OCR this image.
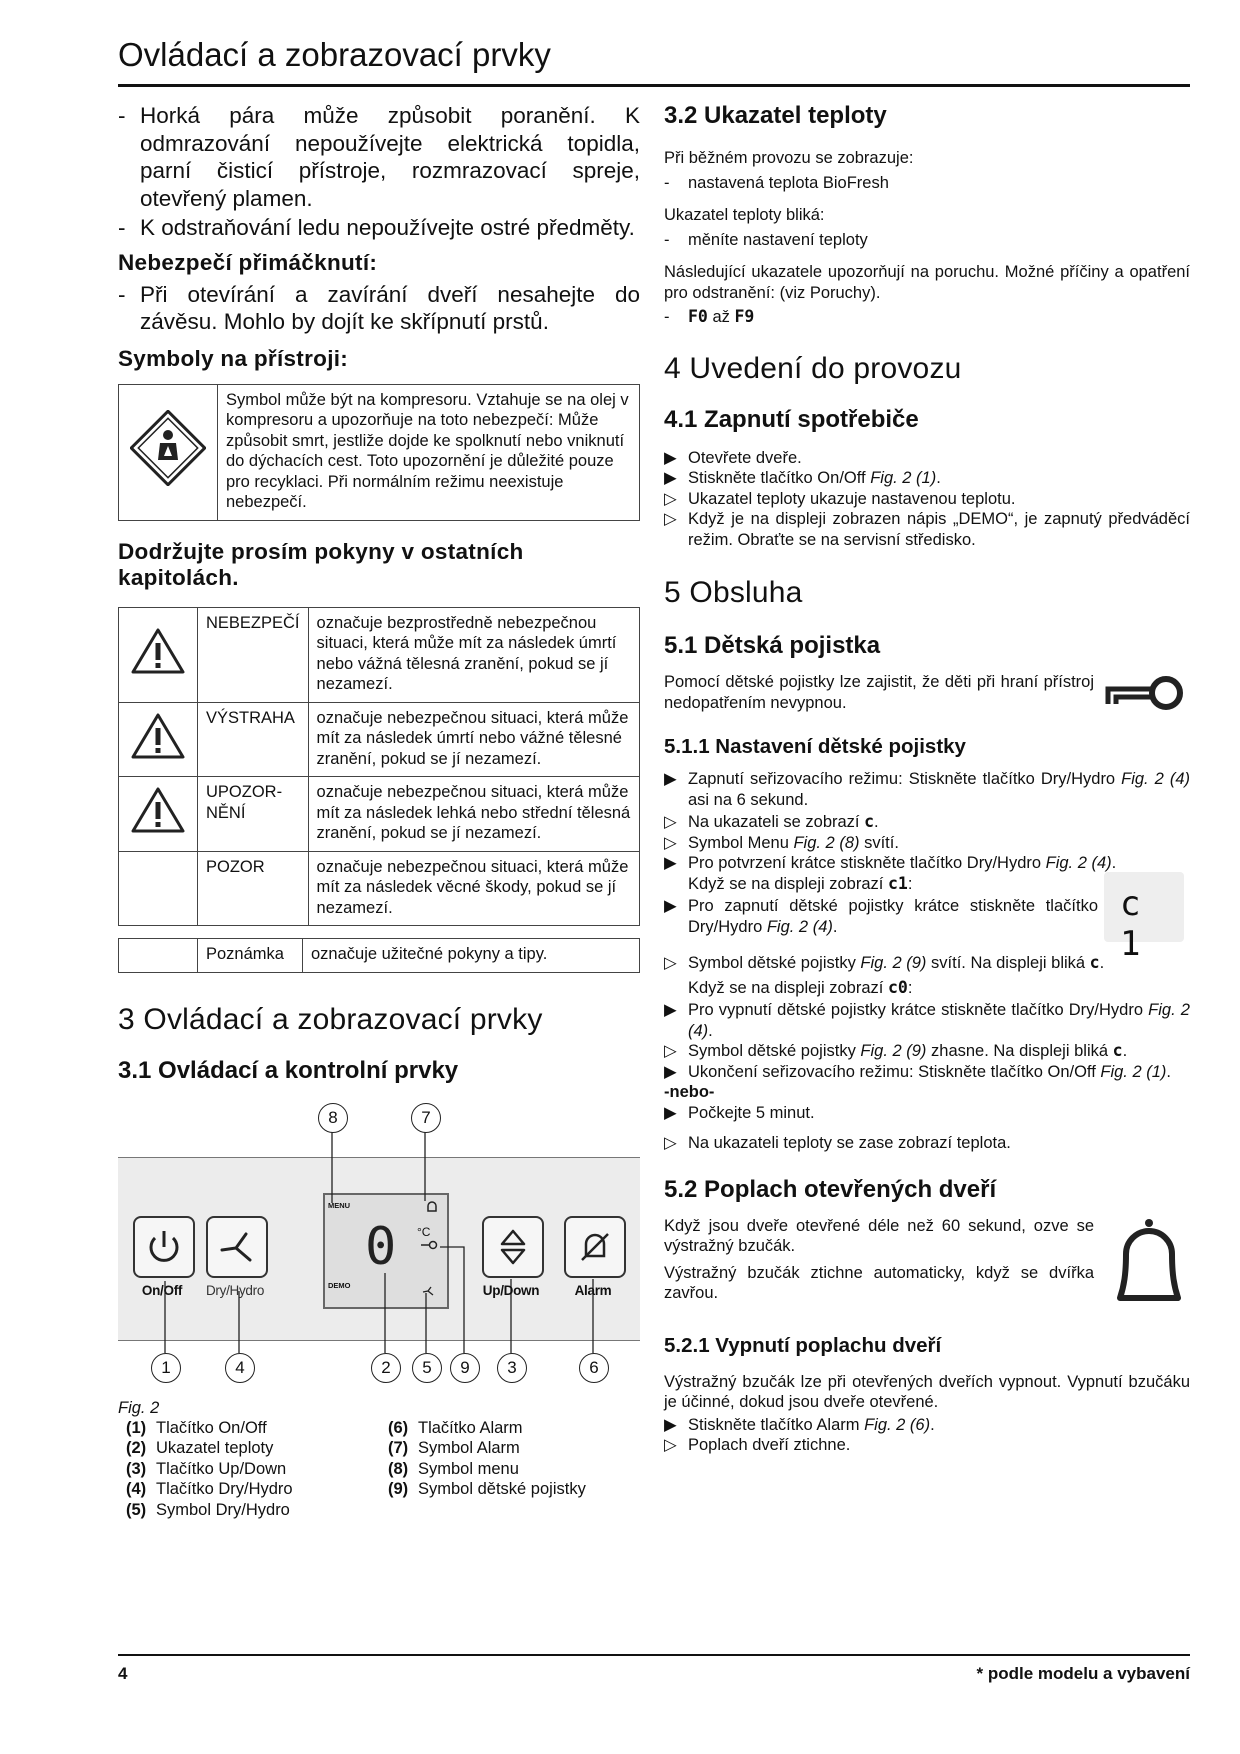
Ovládací a zobrazovací prvky

- Horká pára může způsobit poranění. K odmrazování nepoužívejte elektrická topidla, parní čisticí přístroje, rozmrazovací spreje, otevřený plamen.

- K odstraňování ledu nepoužívejte ostré předměty.

Nebezpečí přimáčknutí:

- Při otevírání a zavírání dveří nesahejte do závěsu. Mohlo by dojít ke skřípnutí prstů.

Symboly na přístroji:

	Symbol může být na kompresoru. Vztahuje se na olej v kompresoru a upozorňuje na toto nebezpečí: Může způsobit smrt, jestliže dojde ke spolknutí nebo vniknutí do dýchacích cest. Toto upozornění je důležité pouze pro recyklaci. Při normálním režimu neexistuje nebezpečí.

Dodržujte prosím pokyny v ostatních kapitolách.

	NEBEZPEČÍ	označuje bezprostředně nebezpečnou situaci, která může mít za následek úmrtí nebo vážná tělesná zranění, pokud se jí nezamezí.
	VÝSTRAHA	označuje nebezpečnou situaci, která může mít za následek úmrtí nebo vážné tělesné zranění, pokud se jí nezamezí.
	UPOZOR-NĚNÍ	označuje nebezpečnou situaci, která může mít za následek lehká nebo střední tělesná zranění, pokud se jí nezamezí.
	POZOR	označuje nebezpečnou situaci, která může mít za následek věcné škody, pokud se jí nezamezí.
	Poznámka	označuje užitečné pokyny a tipy.

3 Ovládací a zobrazovací prvky

3.1 Ovládací a kontrolní prvky

On/Off	Dry/Hydro
MENU
DEMO
0 °C
Up/Down	Alarm
8	7
1	4	2	5	9	3	6

Fig. 2

(1) Tlačítko On/Off
(2) Ukazatel teploty
(3) Tlačítko Up/Down
(4) Tlačítko Dry/Hydro
(5) Symbol Dry/Hydro
(6) Tlačítko Alarm
(7) Symbol Alarm
(8) Symbol menu
(9) Symbol dětské pojistky

3.2 Ukazatel teploty

Při běžném provozu se zobrazuje:

- nastavená teplota BioFresh

Ukazatel teploty bliká:

- měníte nastavení teploty

Následující ukazatele upozorňují na poruchu. Možné příčiny a opatření pro odstranění: (viz Poruchy).

- F0 až F9

4 Uvedení do provozu

4.1 Zapnutí spotřebiče

▶ Otevřete dveře.

▶ Stiskněte tlačítko On/Off Fig. 2 (1).

▷ Ukazatel teploty ukazuje nastavenou teplotu.

▷ Když je na displeji zobrazen nápis „DEMO“, je zapnutý předváděcí režim. Obraťte se na servisní středisko.

5 Obsluha

5.1 Dětská pojistka

Pomocí dětské pojistky lze zajistit, že děti při hraní přístroj nedopatřením nevypnou.

5.1.1 Nastavení dětské pojistky

▶ Zapnutí seřizovacího režimu: Stiskněte tlačítko Dry/Hydro Fig. 2 (4) asi na 6 sekund.

▷ Na ukazateli se zobrazí c.

▷ Symbol Menu Fig. 2 (8) svítí.

▶ Pro potvrzení krátce stiskněte tlačítko Dry/Hydro Fig. 2 (4).

Když se na displeji zobrazí c1:

▶ Pro zapnutí dětské pojistky krátce stiskněte tlačítko Dry/Hydro Fig. 2 (4).

c 1

▷ Symbol dětské pojistky Fig. 2 (9) svítí. Na displeji bliká c.

Když se na displeji zobrazí c0:

▶ Pro vypnutí dětské pojistky krátce stiskněte tlačítko Dry/Hydro Fig. 2 (4).

▷ Symbol dětské pojistky Fig. 2 (9) zhasne. Na displeji bliká c.

▶ Ukončení seřizovacího režimu: Stiskněte tlačítko On/Off Fig. 2 (1).

-nebo-

▶ Počkejte 5 minut.

▷ Na ukazateli teploty se zase zobrazí teplota.

5.2 Poplach otevřených dveří

Když jsou dveře otevřené déle než 60 sekund, ozve se výstražný bzučák.

Výstražný bzučák ztichne automaticky, když se dvířka zavřou.

5.2.1 Vypnutí poplachu dveří

Výstražný bzučák lze při otevřených dveřích vypnout. Vypnutí bzučáku je účinné, dokud jsou dveře otevřené.

▶ Stiskněte tlačítko Alarm Fig. 2 (6).

▷ Poplach dveří ztichne.

4	* podle modelu a vybavení
